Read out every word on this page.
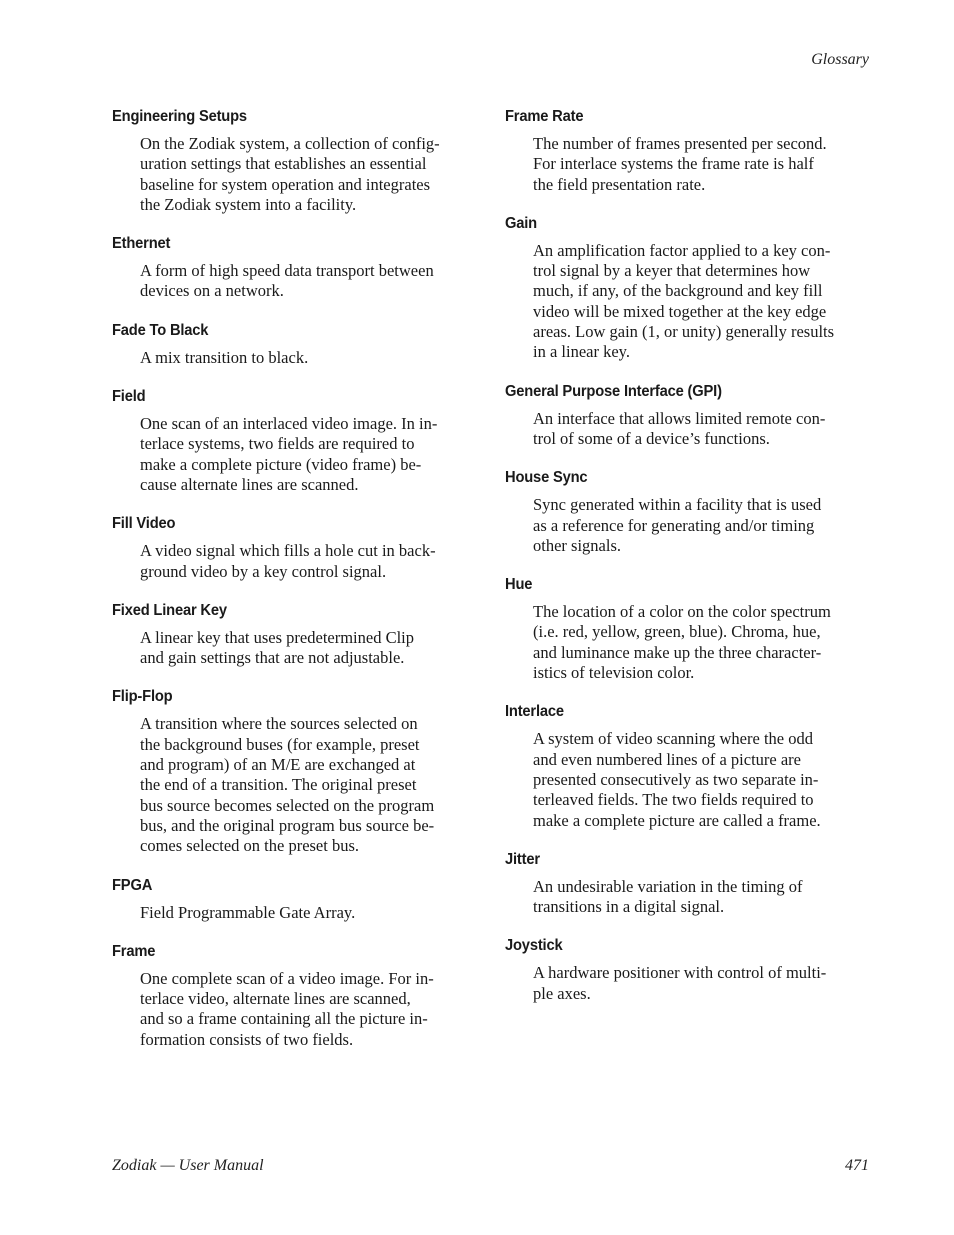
Glossary
Engineering Setups
On the Zodiak system, a collection of config-
uration settings that establishes an essential
baseline for system operation and integrates
the Zodiak system into a facility.
Ethernet
A form of high speed data transport between
devices on a network.
Fade To Black
A mix transition to black.
Field
One scan of an interlaced video image. In in-
terlace systems, two fields are required to
make a complete picture (video frame) be-
cause alternate lines are scanned.
Fill Video
A video signal which fills a hole cut in back-
ground video by a key control signal.
Fixed Linear Key
A linear key that uses predetermined Clip
and gain settings that are not adjustable.
Flip-Flop
A transition where the sources selected on
the background buses (for example, preset
and program) of an M/E are exchanged at
the end of a transition. The original preset
bus source becomes selected on the program
bus, and the original program bus source be-
comes selected on the preset bus.
FPGA
Field Programmable Gate Array.
Frame
One complete scan of a video image. For in-
terlace video, alternate lines are scanned,
and so a frame containing all the picture in-
formation consists of two fields.
Frame Rate
The number of frames presented per second.
For interlace systems the frame rate is half
the field presentation rate.
Gain
An amplification factor applied to a key con-
trol signal by a keyer that determines how
much, if any, of the background and key fill
video will be mixed together at the key edge
areas. Low gain (1, or unity) generally results
in a linear key.
General Purpose Interface (GPI)
An interface that allows limited remote con-
trol of some of a device’s functions.
House Sync
Sync generated within a facility that is used
as a reference for generating and/or timing
other signals.
Hue
The location of a color on the color spectrum
(i.e. red, yellow, green, blue). Chroma, hue,
and luminance make up the three character-
istics of television color.
Interlace
A system of video scanning where the odd
and even numbered lines of a picture are
presented consecutively as two separate in-
terleaved fields. The two fields required to
make a complete picture are called a frame.
Jitter
An undesirable variation in the timing of
transitions in a digital signal.
Joystick
A hardware positioner with control of multi-
ple axes.
Zodiak — User Manual	471
